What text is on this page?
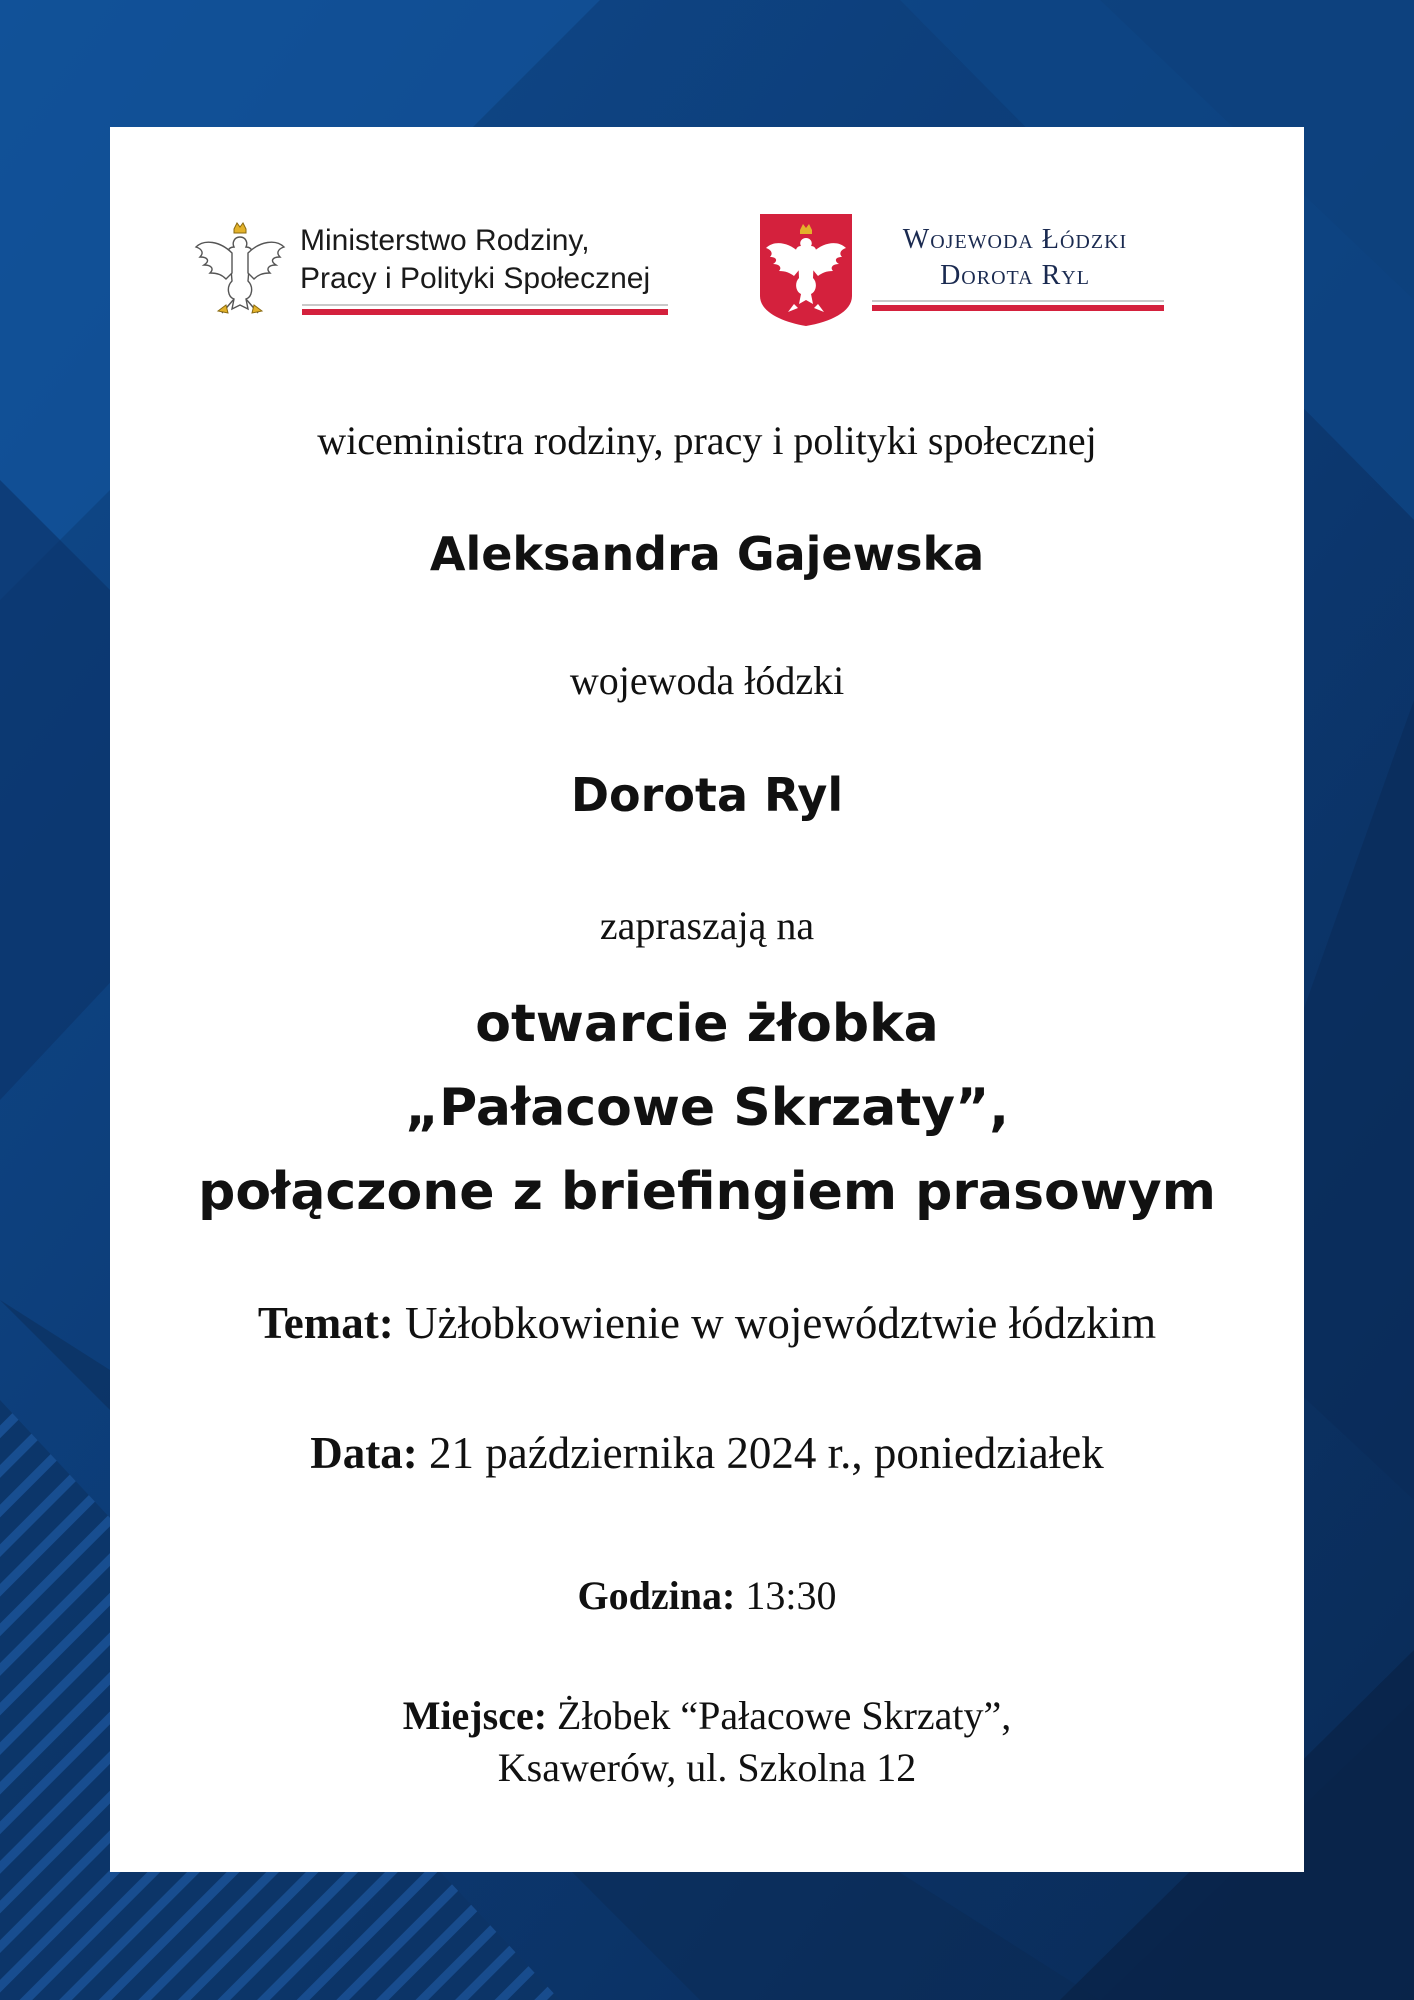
Ministerstwo Rodziny,
Pracy i Polityki Społecznej
Wojewoda Łódzki
Dorota Ryl
wiceministra rodziny, pracy i polityki społecznej
Aleksandra Gajewska
wojewoda łódzki
Dorota Ryl
zapraszają na
otwarcie żłobka
„Pałacowe Skrzaty”,
połączone z briefingiem prasowym
Temat: Użłobkowienie w województwie łódzkim
Data: 21 października 2024 r., poniedziałek
Godzina: 13:30
Miejsce: Żłobek “Pałacowe Skrzaty”,
Ksawerów, ul. Szkolna 12
